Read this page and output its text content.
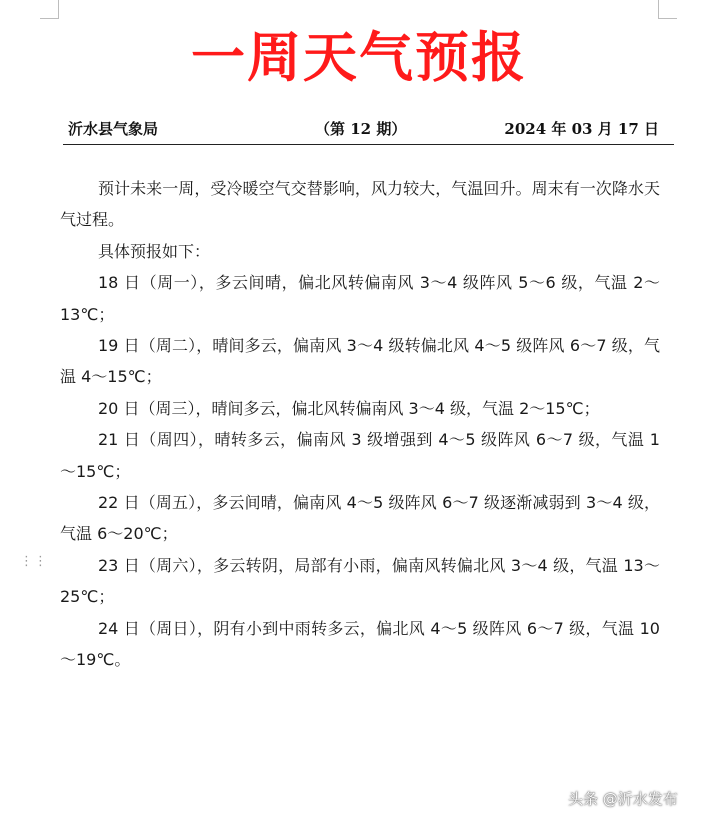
一周天气预报
沂水县气象局	（第 12 期）	2024 年 03 月 17 日

预计未来一周，受冷暖空气交替影响，风力较大，气温回升。周末有一次降水天气过程。

具体预报如下：

18 日（周一），多云间晴，偏北风转偏南风 3～4 级阵风 5～6 级，气温 2～13℃；

19 日（周二），晴间多云，偏南风 3～4 级转偏北风 4～5 级阵风 6～7 级，气温 4～15℃；

20 日（周三），晴间多云，偏北风转偏南风 3～4 级，气温 2～15℃；

21 日（周四），晴转多云，偏南风 3 级增强到 4～5 级阵风 6～7 级，气温 1～15℃；

22 日（周五），多云间晴，偏南风 4～5 级阵风 6～7 级逐渐减弱到 3～4 级，气温 6～20℃；

23 日（周六），多云转阴，局部有小雨，偏南风转偏北风 3～4 级，气温 13～25℃；

24 日（周日），阴有小到中雨转多云，偏北风 4～5 级阵风 6～7 级，气温 10～19℃。

⋮⋮
头条 @沂水发布
